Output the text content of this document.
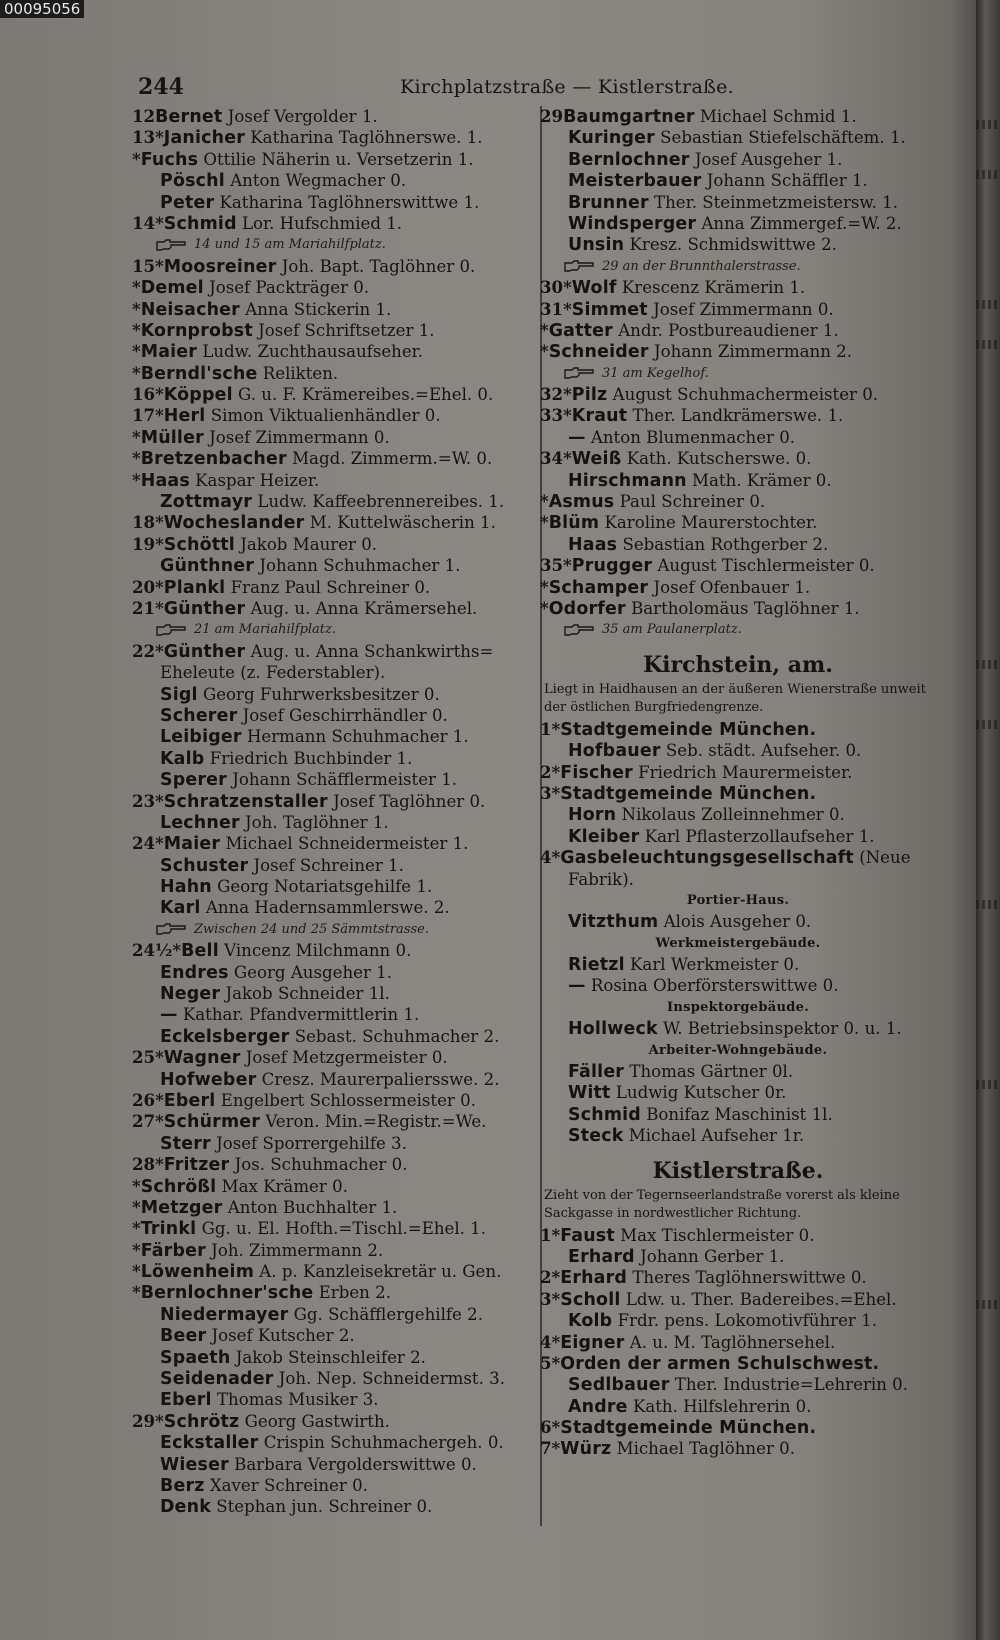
00095056
244	Kirchplatzstraße — Kistlerstraße.
12Bernet Josef Vergolder 1.
13*Janicher Katharina Taglöhnerswe. 1.
*Fuchs Ottilie Näherin u. Versetzerin 1.
Pöschl Anton Wegmacher 0.
Peter Katharina Taglöhnerswittwe 1.
14*Schmid Lor. Hufschmied 1.
14 und 15 am Mariahilfplatz.
15*Moosreiner Joh. Bapt. Taglöhner 0.
*Demel Josef Packträger 0.
*Neisacher Anna Stickerin 1.
*Kornprobst Josef Schriftsetzer 1.
*Maier Ludw. Zuchthausaufseher.
*Berndl'sche Relikten.
16*Köppel G. u. F. Krämereibes.=Ehel. 0.
17*Herl Simon Viktualienhändler 0.
*Müller Josef Zimmermann 0.
*Bretzenbacher Magd. Zimmerm.=W. 0.
*Haas Kaspar Heizer.
Zottmayr Ludw. Kaffeebrennereibes. 1.
18*Wocheslander M. Kuttelwäscherin 1.
19*Schöttl Jakob Maurer 0.
Günthner Johann Schuhmacher 1.
20*Plankl Franz Paul Schreiner 0.
21*Günther Aug. u. Anna Krämersehel.
21 am Mariahilfplatz.
22*Günther Aug. u. Anna Schankwirths=
Eheleute (z. Federstabler).
Sigl Georg Fuhrwerksbesitzer 0.
Scherer Josef Geschirrhändler 0.
Leibiger Hermann Schuhmacher 1.
Kalb Friedrich Buchbinder 1.
Sperer Johann Schäfflermeister 1.
23*Schratzenstaller Josef Taglöhner 0.
Lechner Joh. Taglöhner 1.
24*Maier Michael Schneidermeister 1.
Schuster Josef Schreiner 1.
Hahn Georg Notariatsgehilfe 1.
Karl Anna Hadernsammlerswe. 2.
Zwischen 24 und 25 Sämmtstrasse.
24½*Bell Vincenz Milchmann 0.
Endres Georg Ausgeher 1.
Neger Jakob Schneider 1l.
— Kathar. Pfandvermittlerin 1.
Eckelsberger Sebast. Schuhmacher 2.
25*Wagner Josef Metzgermeister 0.
Hofweber Cresz. Maurerpaliersswe. 2.
26*Eberl Engelbert Schlossermeister 0.
27*Schürmer Veron. Min.=Registr.=We.
Sterr Josef Sporrergehilfe 3.
28*Fritzer Jos. Schuhmacher 0.
*Schrößl Max Krämer 0.
*Metzger Anton Buchhalter 1.
*Trinkl Gg. u. El. Hofth.=Tischl.=Ehel. 1.
*Färber Joh. Zimmermann 2.
*Löwenheim A. p. Kanzleisekretär u. Gen.
*Bernlochner'sche Erben 2.
Niedermayer Gg. Schäfflergehilfe 2.
Beer Josef Kutscher 2.
Spaeth Jakob Steinschleifer 2.
Seidenader Joh. Nep. Schneidermst. 3.
Eberl Thomas Musiker 3.
29*Schrötz Georg Gastwirth.
Eckstaller Crispin Schuhmachergeh. 0.
Wieser Barbara Vergolderswittwe 0.
Berz Xaver Schreiner 0.
Denk Stephan jun. Schreiner 0.
29Baumgartner Michael Schmid 1.
Kuringer Sebastian Stiefelschäftem. 1.
Bernlochner Josef Ausgeher 1.
Meisterbauer Johann Schäffler 1.
Brunner Ther. Steinmetzmeistersw. 1.
Windsperger Anna Zimmergef.=W. 2.
Unsin Kresz. Schmidswittwe 2.
29 an der Brunnthalerstrasse.
30*Wolf Krescenz Krämerin 1.
31*Simmet Josef Zimmermann 0.
*Gatter Andr. Postbureaudiener 1.
*Schneider Johann Zimmermann 2.
31 am Kegelhof.
32*Pilz August Schuhmachermeister 0.
33*Kraut Ther. Landkrämerswe. 1.
— Anton Blumenmacher 0.
34*Weiß Kath. Kutscherswe. 0.
Hirschmann Math. Krämer 0.
*Asmus Paul Schreiner 0.
*Blüm Karoline Maurerstochter.
Haas Sebastian Rothgerber 2.
35*Prugger August Tischlermeister 0.
*Schamper Josef Ofenbauer 1.
*Odorfer Bartholomäus Taglöhner 1.
35 am Paulanerplatz.
Kirchstein, am.
Liegt in Haidhausen an der äußeren Wienerstraße unweit der östlichen Burgfriedengrenze.
1*Stadtgemeinde München.
Hofbauer Seb. städt. Aufseher. 0.
2*Fischer Friedrich Maurermeister.
3*Stadtgemeinde München.
Horn Nikolaus Zolleinnehmer 0.
Kleiber Karl Pflasterzollaufseher 1.
4*Gasbeleuchtungsgesellschaft (Neue
Fabrik).
Portier-Haus.
Vitzthum Alois Ausgeher 0.
Werkmeistergebäude.
Rietzl Karl Werkmeister 0.
— Rosina Oberförsterswittwe 0.
Inspektorgebäude.
Hollweck W. Betriebsinspektor 0. u. 1.
Arbeiter-Wohngebäude.
Fäller Thomas Gärtner 0l.
Witt Ludwig Kutscher 0r.
Schmid Bonifaz Maschinist 1l.
Steck Michael Aufseher 1r.
Kistlerstraße.
Zieht von der Tegernseerlandstraße vorerst als kleine Sackgasse in nordwestlicher Richtung.
1*Faust Max Tischlermeister 0.
Erhard Johann Gerber 1.
2*Erhard Theres Taglöhnerswittwe 0.
3*Scholl Ldw. u. Ther. Badereibes.=Ehel.
Kolb Frdr. pens. Lokomotivführer 1.
4*Eigner A. u. M. Taglöhnersehel.
5*Orden der armen Schulschwest.
Sedlbauer Ther. Industrie=Lehrerin 0.
Andre Kath. Hilfslehrerin 0.
6*Stadtgemeinde München.
7*Würz Michael Taglöhner 0.
